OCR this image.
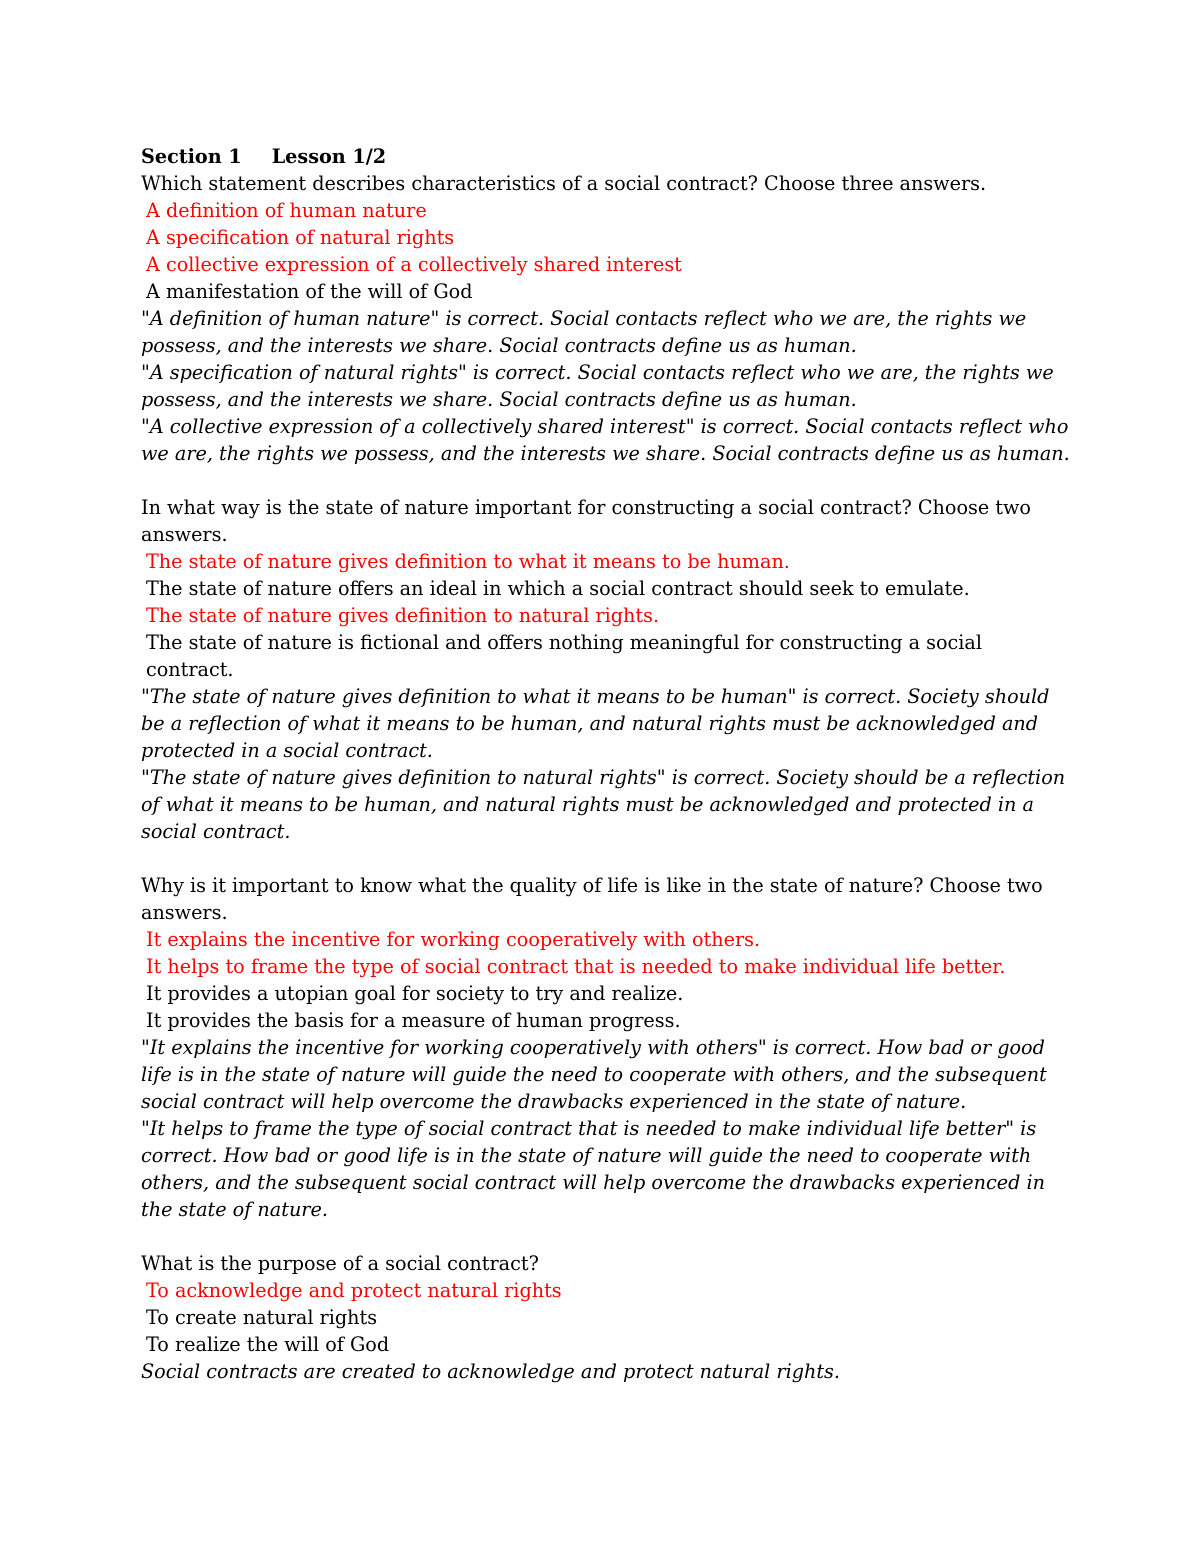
Section 1 Lesson 1/2

Which statement describes characteristics of a social contract? Choose three answers.

A definition of human nature

A specification of natural rights

A collective expression of a collectively shared interest

A manifestation of the will of God

"A definition of human nature" is correct. Social contacts reflect who we are, the rights we possess, and the interests we share. Social contracts define us as human.

"A specification of natural rights" is correct. Social contacts reflect who we are, the rights we possess, and the interests we share. Social contracts define us as human.

"A collective expression of a collectively shared interest" is correct. Social contacts reflect who we are, the rights we possess, and the interests we share. Social contracts define us as human.

In what way is the state of nature important for constructing a social contract? Choose two answers.

The state of nature gives definition to what it means to be human.

The state of nature offers an ideal in which a social contract should seek to emulate.

The state of nature gives definition to natural rights.

The state of nature is fictional and offers nothing meaningful for constructing a social contract.

"The state of nature gives definition to what it means to be human" is correct. Society should be a reflection of what it means to be human, and natural rights must be acknowledged and protected in a social contract.

"The state of nature gives definition to natural rights" is correct. Society should be a reflection of what it means to be human, and natural rights must be acknowledged and protected in a social contract.

Why is it important to know what the quality of life is like in the state of nature? Choose two answers.

It explains the incentive for working cooperatively with others.

It helps to frame the type of social contract that is needed to make individual life better.

It provides a utopian goal for society to try and realize.

It provides the basis for a measure of human progress.

"It explains the incentive for working cooperatively with others" is correct. How bad or good life is in the state of nature will guide the need to cooperate with others, and the subsequent social contract will help overcome the drawbacks experienced in the state of nature.

"It helps to frame the type of social contract that is needed to make individual life better" is correct. How bad or good life is in the state of nature will guide the need to cooperate with others, and the subsequent social contract will help overcome the drawbacks experienced in the state of nature.

What is the purpose of a social contract?

To acknowledge and protect natural rights

To create natural rights

To realize the will of God

Social contracts are created to acknowledge and protect natural rights.
